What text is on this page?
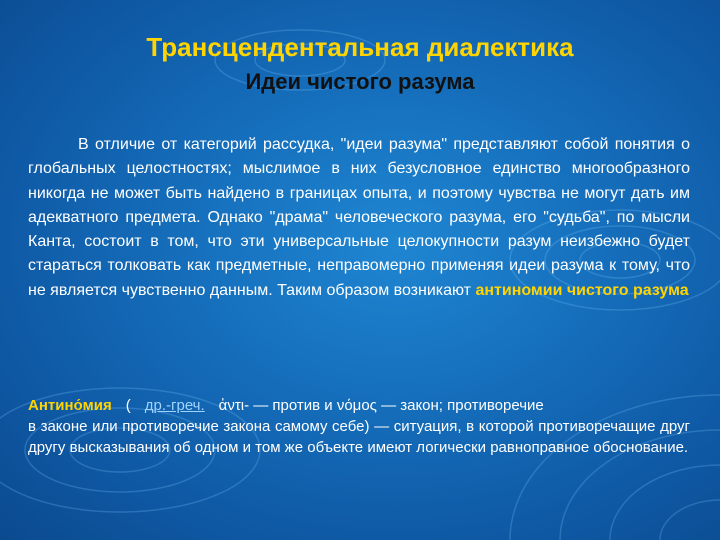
Трансцендентальная диалектика
Идеи чистого разума

В отличие от категорий рассудка, "идеи разума" представляют собой понятия о глобальных целостностях; мыслимое в них безусловное единство многообразного никогда не может быть найдено в границах опыта, и поэтому чувства не могут дать им адекватного предмета. Однако "драма" человеческого разума, его "судьба", по мысли Канта, состоит в том, что эти универсальные целокупности разум неизбежно будет стараться толковать как предметные, неправомерно применяя идеи разума к тому, что не является чувственно данным. Таким образом возникают антиномии чистого разума

Антино́мия ( др.-греч. ἀντι- — против и νόμος — закон; противоречие
в законе или противоречие закона самому себе) — ситуация, в которой противоречащие друг другу высказывания об одном и том же объекте имеют логически равноправное обоснование.
